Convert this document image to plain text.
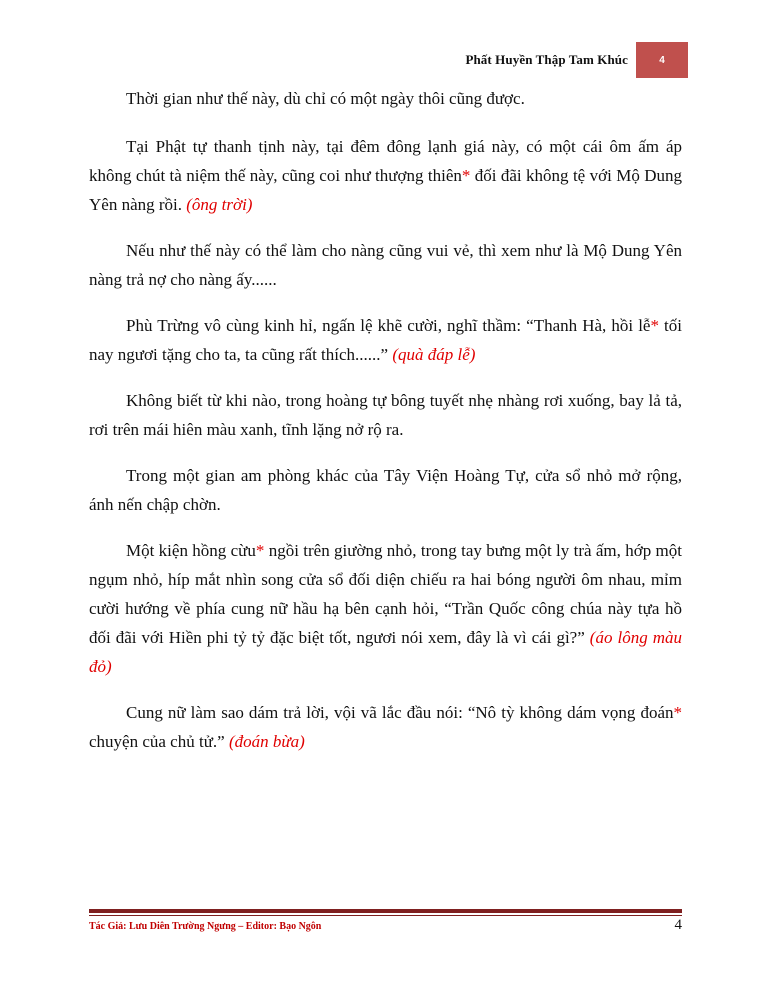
Phất Huyền Thập Tam Khúc	4

Thời gian như thế này, dù chỉ có một ngày thôi cũng được.

Tại Phật tự thanh tịnh này, tại đêm đông lạnh giá này, có một cái ôm ấm áp không chút tà niệm thế này, cũng coi như thượng thiên* đối đãi không tệ với Mộ Dung Yên nàng rồi. (ông trời)

Nếu như thế này có thể làm cho nàng cũng vui vẻ, thì xem như là Mộ Dung Yên nàng trả nợ cho nàng ấy......

Phù Trừng vô cùng kinh hỉ, ngấn lệ khẽ cười, nghĩ thầm: “Thanh Hà, hồi lễ* tối nay ngươi tặng cho ta, ta cũng rất thích......” (quà đáp lễ)

Không biết từ khi nào, trong hoàng tự bông tuyết nhẹ nhàng rơi xuống, bay lả tả, rơi trên mái hiên màu xanh, tĩnh lặng nở rộ ra.

Trong một gian am phòng khác của Tây Viện Hoàng Tự, cửa sổ nhỏ mở rộng, ánh nến chập chờn.

Một kiện hồng cừu* ngồi trên giường nhỏ, trong tay bưng một ly trà ấm, hớp một ngụm nhỏ, híp mắt nhìn song cửa sổ đối diện chiếu ra hai bóng người ôm nhau, mỉm cười hướng về phía cung nữ hầu hạ bên cạnh hỏi, “Trần Quốc công chúa này tựa hồ đối đãi với Hiền phi tỷ tỷ đặc biệt tốt, ngươi nói xem, đây là vì cái gì?” (áo lông màu đỏ)

Cung nữ làm sao dám trả lời, vội vã lắc đầu nói: “Nô tỳ không dám vọng đoán* chuyện của chủ tử.” (đoán bừa)

Tác Giả: Lưu Diên Trường Ngưng – Editor: Bạo Ngôn	4
